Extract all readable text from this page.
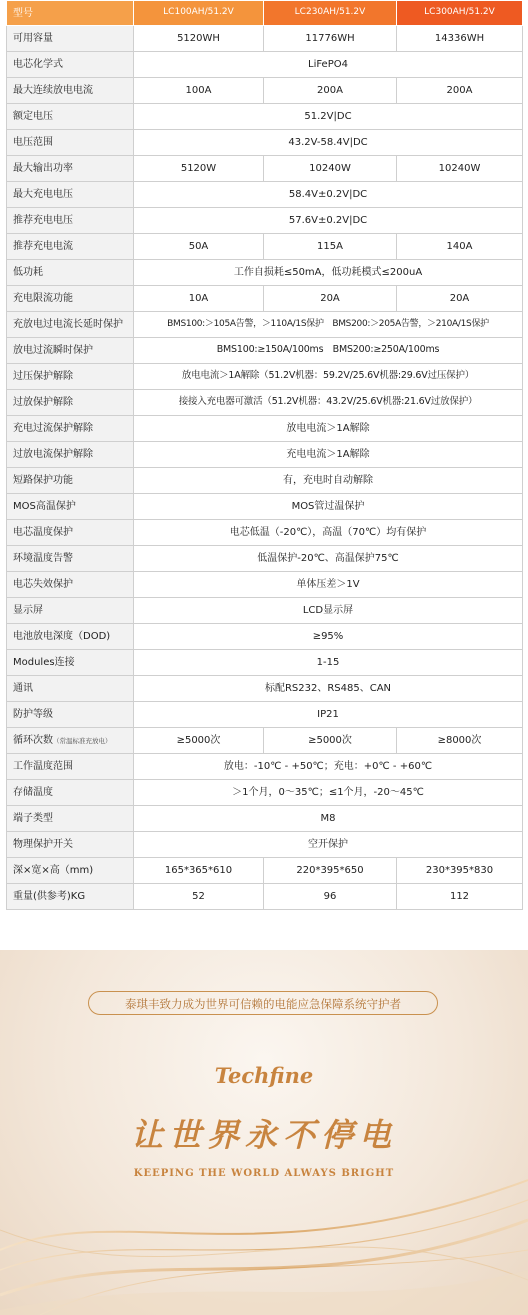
型号	LC100AH/51.2V	LC230AH/51.2V	LC300AH/51.2V
可用容量	5120WH	11776WH	14336WH
电芯化学式	LiFePO4		
最大连续放电电流	100A	200A	200A
额定电压	51.2V|DC		
电压范围	43.2V-58.4V|DC		
最大输出功率	5120W	10240W	10240W
最大充电电压	58.4V±0.2V|DC		
推荐充电电压	57.6V±0.2V|DC		
推荐充电电流	50A	115A	140A
低功耗	工作自损耗≤50mA，低功耗模式≤200uA		
充电限流功能	10A	20A	20A
充放电过电流长延时保护	BMS100:＞105A告警，＞110A/1S保护　BMS200:＞205A告警，＞210A/1S保护		
放电过流瞬时保护	BMS100:≥150A/100ms　BMS200:≥250A/100ms		
过压保护解除	放电电流＞1A解除（51.2V机器：59.2V/25.6V机器:29.6V过压保护）		
过放保护解除	接接入充电器可激活（51.2V机器：43.2V/25.6V机器:21.6V过放保护）		
充电过流保护解除	放电电流＞1A解除		
过放电流保护解除	充电电流＞1A解除		
短路保护功能	有，充电时自动解除		
MOS高温保护	MOS管过温保护		
电芯温度保护	电芯低温（-20℃），高温（70℃）均有保护		
环境温度告警	低温保护-20℃、高温保护75℃		
电芯失效保护	单体压差＞1V		
显示屏	LCD显示屏		
电池放电深度（DOD)	≥95%		
Modules连接	1-15		
通讯	标配RS232、RS485、CAN		
防护等级	IP21		
循环次数（常温标准充放电）	≥5000次	≥5000次	≥8000次
工作温度范围	放电：-10℃ - +50℃；充电：+0℃ - +60℃		
存储温度	＞1个月，0～35℃；≤1个月，-20～45℃		
端子类型	M8		
物理保护开关	空开保护		
深×宽×高（mm)	165*365*610	220*395*650	230*395*830
重量(供参考)KG	52	96	112
泰琪丰致力成为世界可信赖的电能应急保障系统守护者
Techfine
让世界永不停电
KEEPING THE WORLD ALWAYS BRIGHT
